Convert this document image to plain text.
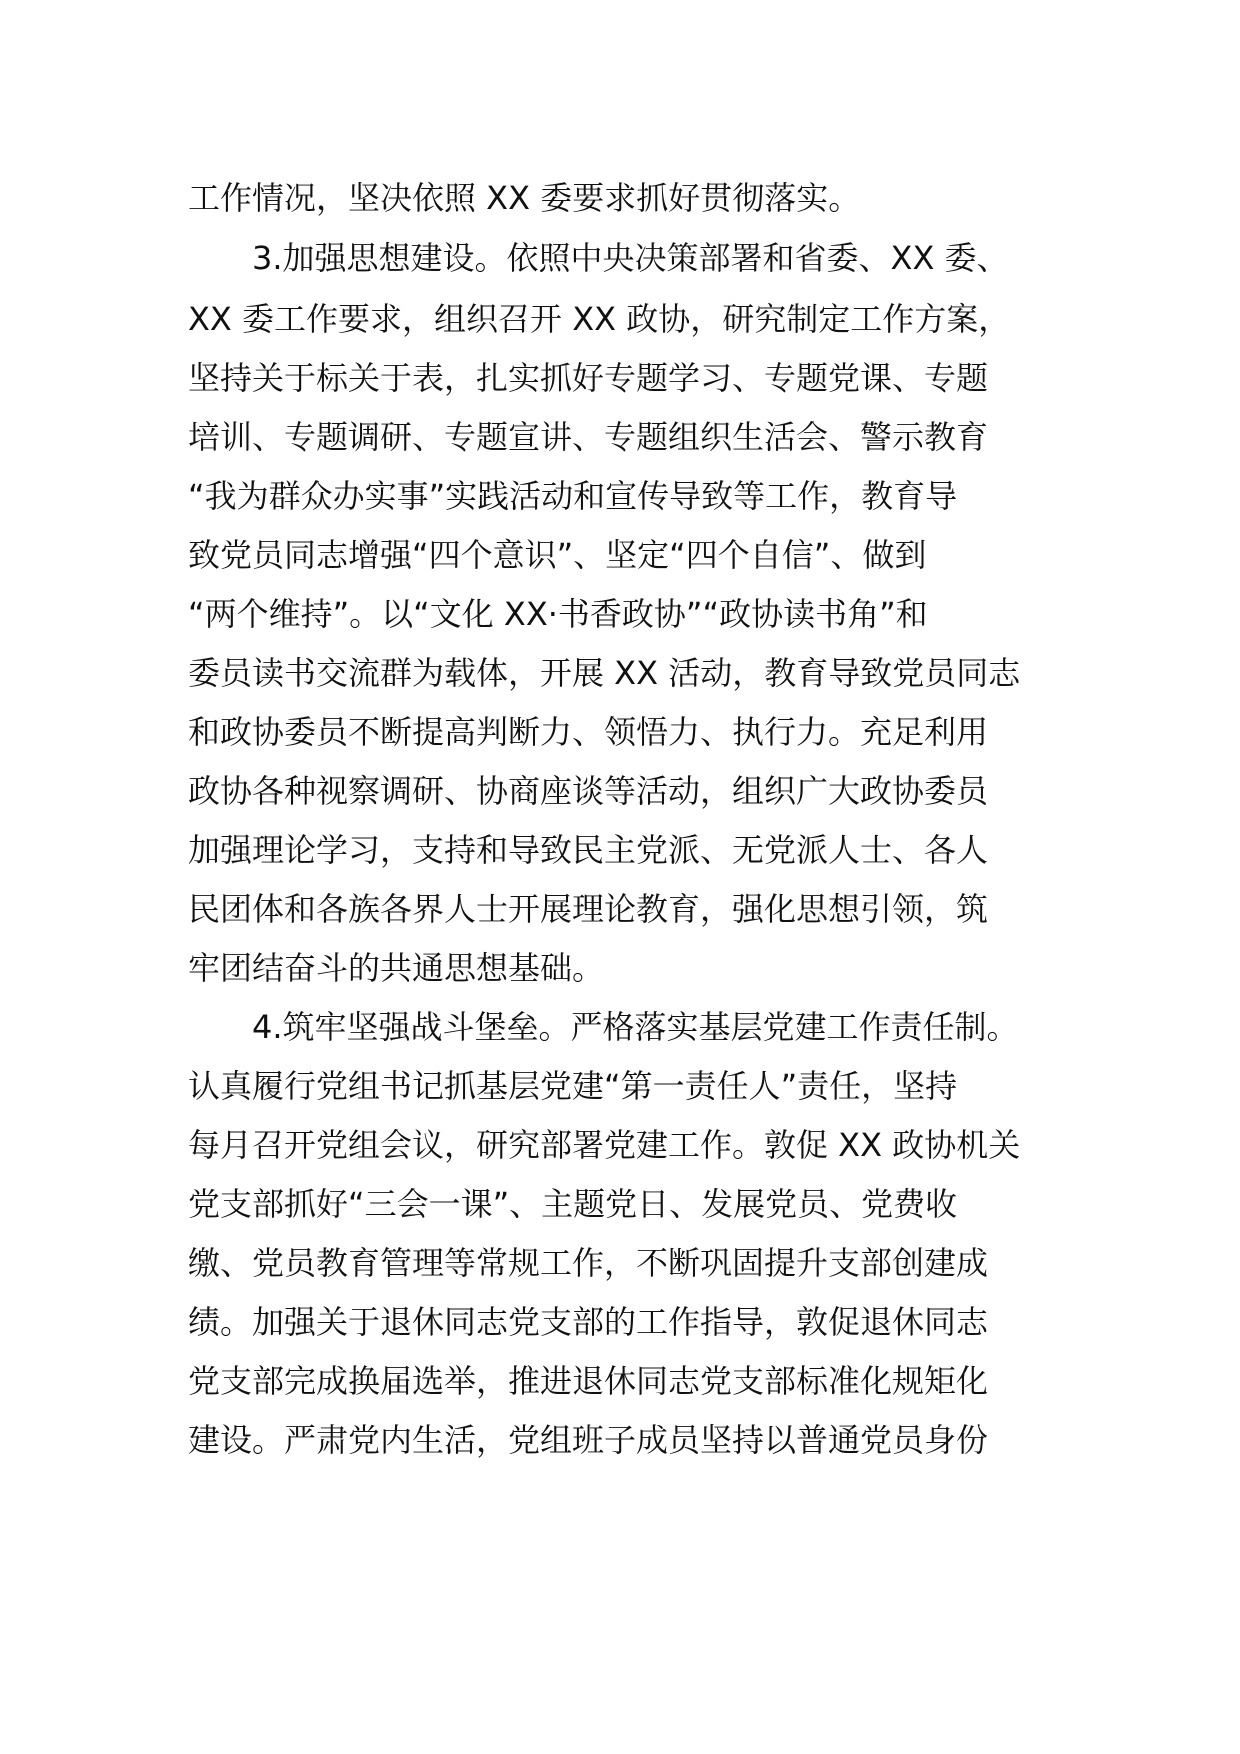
工作情况，坚决依照 XX 委要求抓好贯彻落实。
3.加强思想建设。依照中央决策部署和省委、XX 委、
XX 委工作要求，组织召开 XX 政协，研究制定工作方案，
坚持关于标关于表，扎实抓好专题学习、专题党课、专题
培训、专题调研、专题宣讲、专题组织生活会、警示教育
“我为群众办实事”实践活动和宣传导致等工作，教育导
致党员同志增强“四个意识”、坚定“四个自信”、做到
“两个维持”。以“文化 XX·书香政协”“政协读书角”和
委员读书交流群为载体，开展 XX 活动，教育导致党员同志
和政协委员不断提高判断力、领悟力、执行力。充足利用
政协各种视察调研、协商座谈等活动，组织广大政协委员
加强理论学习，支持和导致民主党派、无党派人士、各人
民团体和各族各界人士开展理论教育，强化思想引领，筑
牢团结奋斗的共通思想基础。
4.筑牢坚强战斗堡垒。严格落实基层党建工作责任制。
认真履行党组书记抓基层党建“第一责任人”责任，坚持
每月召开党组会议，研究部署党建工作。敦促 XX 政协机关
党支部抓好“三会一课”、主题党日、发展党员、党费收
缴、党员教育管理等常规工作，不断巩固提升支部创建成
绩。加强关于退休同志党支部的工作指导，敦促退休同志
党支部完成换届选举，推进退休同志党支部标准化规矩化
建设。严肃党内生活，党组班子成员坚持以普通党员身份
